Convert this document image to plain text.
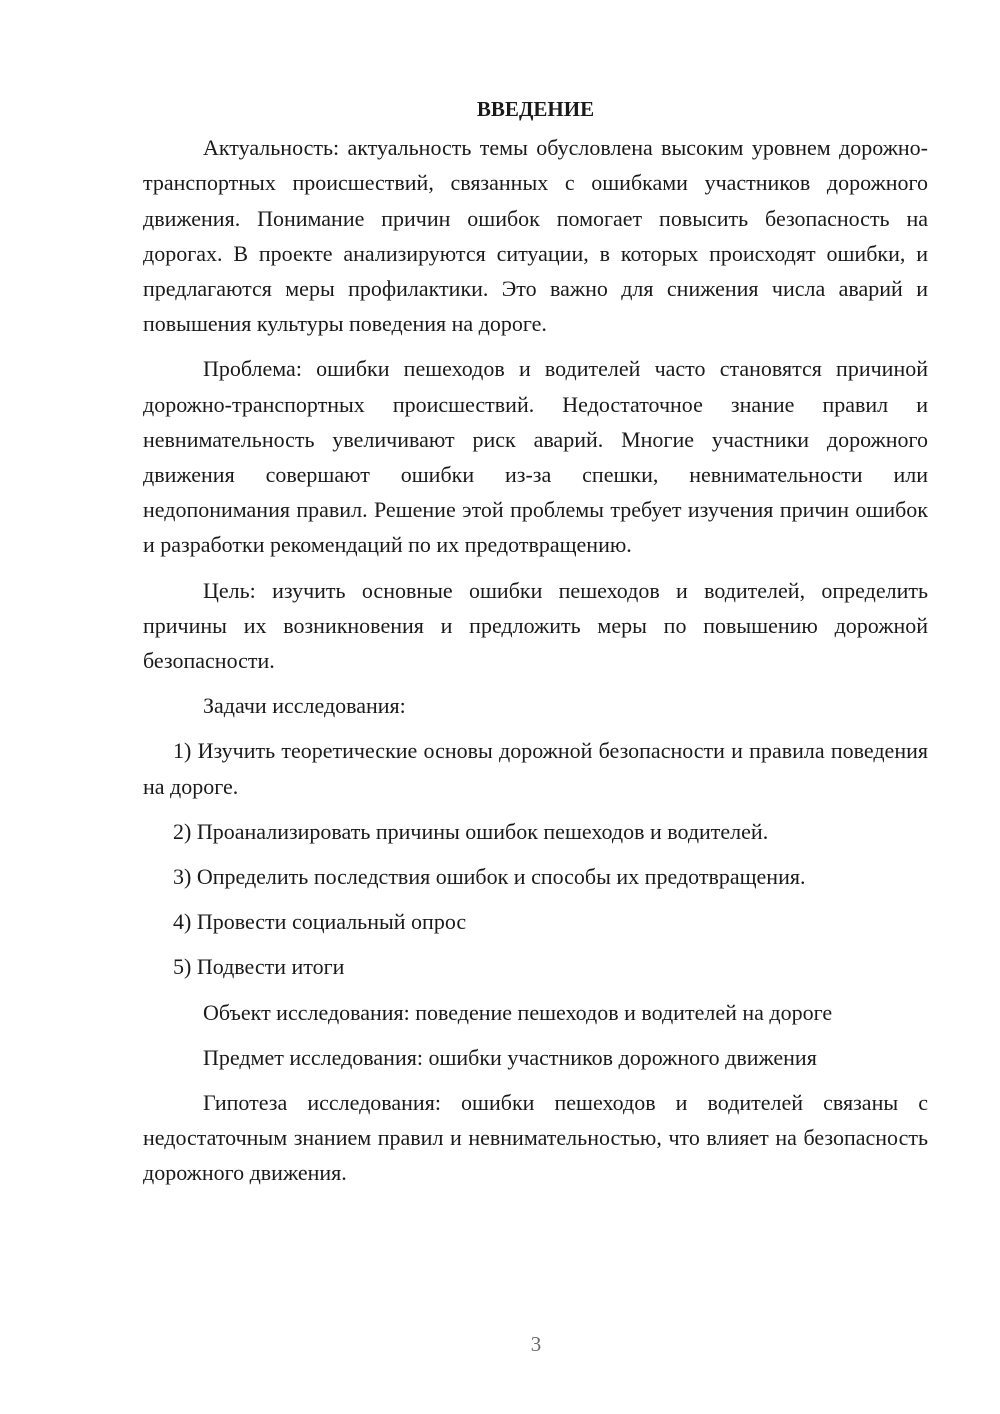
ВВЕДЕНИЕ

Актуальность: актуальность темы обусловлена высоким уровнем дорожно-транспортных происшествий, связанных с ошибками участников дорожного движения. Понимание причин ошибок помогает повысить безопасность на дорогах. В проекте анализируются ситуации, в которых происходят ошибки, и предлагаются меры профилактики. Это важно для снижения числа аварий и повышения культуры поведения на дороге.

Проблема: ошибки пешеходов и водителей часто становятся причиной дорожно-транспортных происшествий. Недостаточное знание правил и невнимательность увеличивают риск аварий. Многие участники дорожного движения совершают ошибки из-за спешки, невнимательности или недопонимания правил. Решение этой проблемы требует изучения причин ошибок и разработки рекомендаций по их предотвращению.

Цель: изучить основные ошибки пешеходов и водителей, определить причины их возникновения и предложить меры по повышению дорожной безопасности.

Задачи исследования:

1) Изучить теоретические основы дорожной безопасности и правила поведения на дороге.

2) Проанализировать причины ошибок пешеходов и водителей.

3) Определить последствия ошибок и способы их предотвращения.

4) Провести социальный опрос

5) Подвести итоги

Объект исследования: поведение пешеходов и водителей на дороге

Предмет исследования: ошибки участников дорожного движения

Гипотеза исследования: ошибки пешеходов и водителей связаны с недостаточным знанием правил и невнимательностью, что влияет на безопасность дорожного движения.

3
